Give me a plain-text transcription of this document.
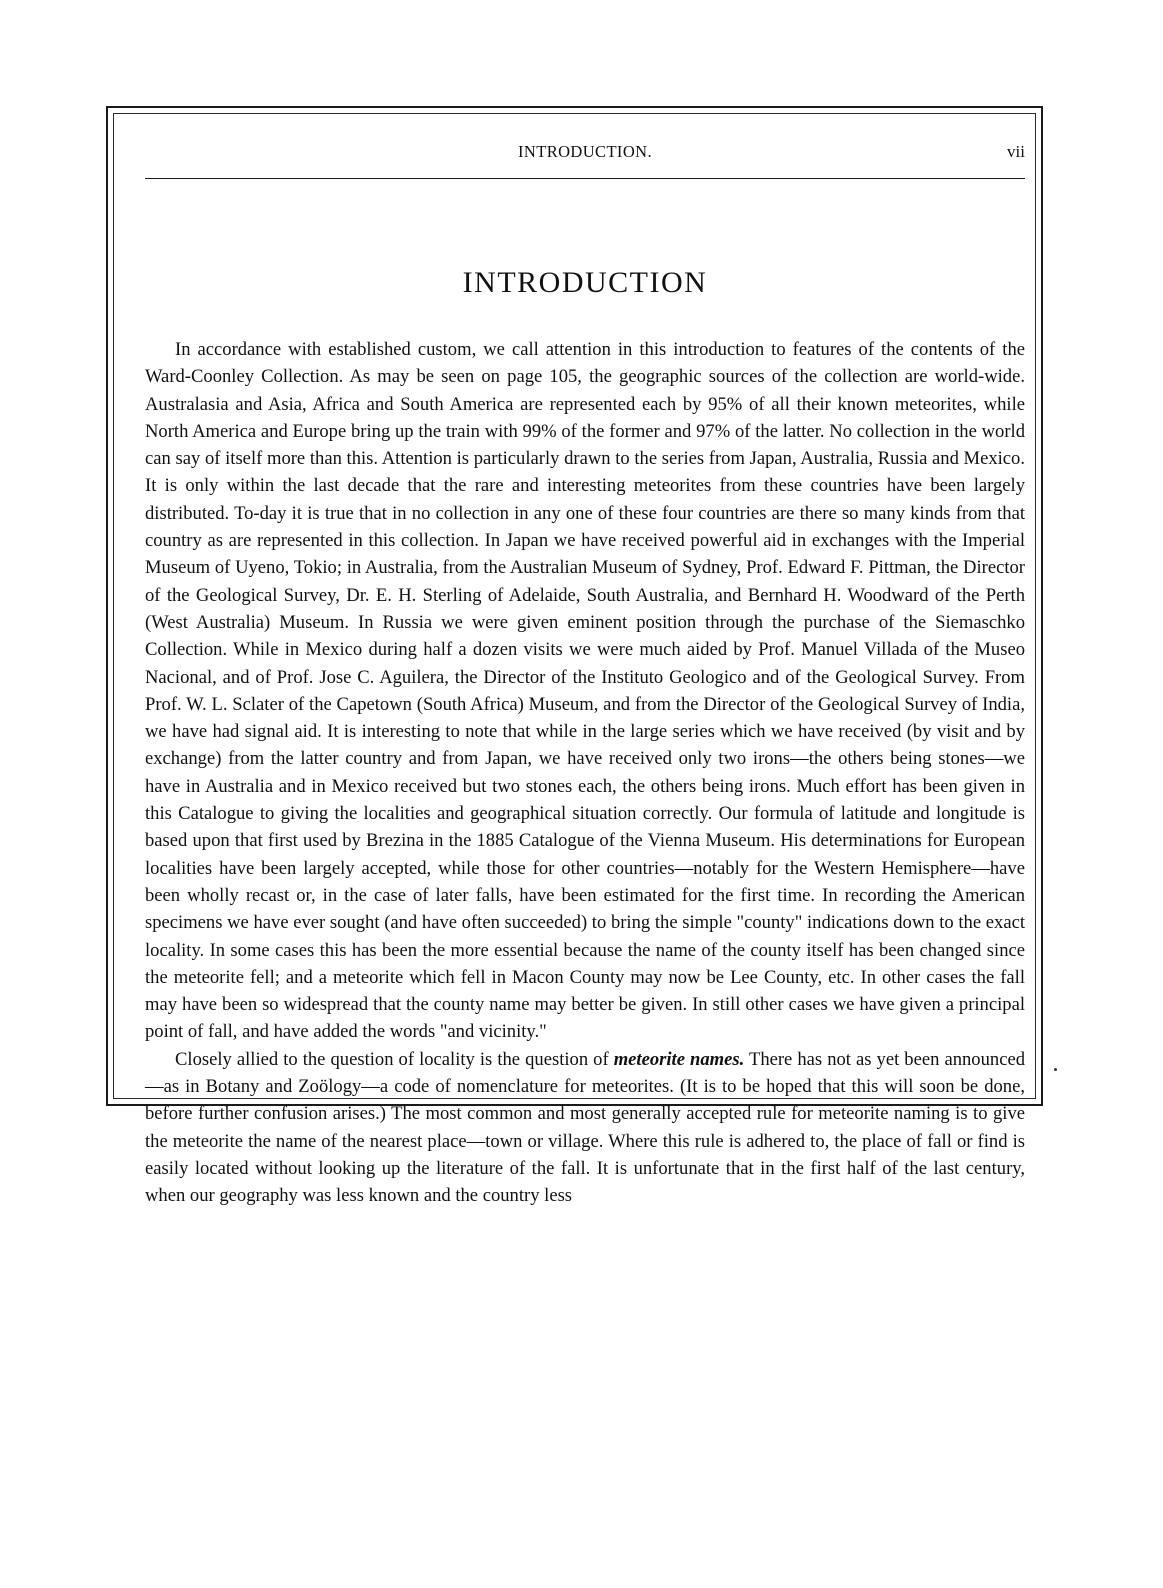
INTRODUCTION.	vii
INTRODUCTION

In accordance with established custom, we call attention in this introduction to features of the contents of the Ward-Coonley Collection. As may be seen on page 105, the geographic sources of the collection are world-wide. Australasia and Asia, Africa and South America are represented each by 95% of all their known meteorites, while North America and Europe bring up the train with 99% of the former and 97% of the latter. No collection in the world can say of itself more than this. Attention is particularly drawn to the series from Japan, Australia, Russia and Mexico. It is only within the last decade that the rare and interesting meteorites from these countries have been largely distributed. To-day it is true that in no collection in any one of these four countries are there so many kinds from that country as are represented in this collection. In Japan we have received powerful aid in exchanges with the Imperial Museum of Uyeno, Tokio; in Australia, from the Australian Museum of Sydney, Prof. Edward F. Pittman, the Director of the Geological Survey, Dr. E. H. Sterling of Adelaide, South Australia, and Bernhard H. Woodward of the Perth (West Australia) Museum. In Russia we were given eminent position through the purchase of the Siemaschko Collection. While in Mexico during half a dozen visits we were much aided by Prof. Manuel Villada of the Museo Nacional, and of Prof. Jose C. Aguilera, the Director of the Instituto Geologico and of the Geological Survey. From Prof. W. L. Sclater of the Capetown (South Africa) Museum, and from the Director of the Geological Survey of India, we have had signal aid. It is interesting to note that while in the large series which we have received (by visit and by exchange) from the latter country and from Japan, we have received only two irons—the others being stones—we have in Australia and in Mexico received but two stones each, the others being irons. Much effort has been given in this Catalogue to giving the localities and geographical situation correctly. Our formula of latitude and longitude is based upon that first used by Brezina in the 1885 Catalogue of the Vienna Museum. His determinations for European localities have been largely accepted, while those for other countries—notably for the Western Hemisphere—have been wholly recast or, in the case of later falls, have been estimated for the first time. In recording the American specimens we have ever sought (and have often succeeded) to bring the simple "county" indications down to the exact locality. In some cases this has been the more essential because the name of the county itself has been changed since the meteorite fell; and a meteorite which fell in Macon County may now be Lee County, etc. In other cases the fall may have been so widespread that the county name may better be given. In still other cases we have given a principal point of fall, and have added the words "and vicinity."

Closely allied to the question of locality is the question of meteorite names. There has not as yet been announced—as in Botany and Zoölogy—a code of nomenclature for meteorites. (It is to be hoped that this will soon be done, before further confusion arises.) The most common and most generally accepted rule for meteorite naming is to give the meteorite the name of the nearest place—town or village. Where this rule is adhered to, the place of fall or find is easily located without looking up the literature of the fall. It is unfortunate that in the first half of the last century, when our geography was less known and the country less
